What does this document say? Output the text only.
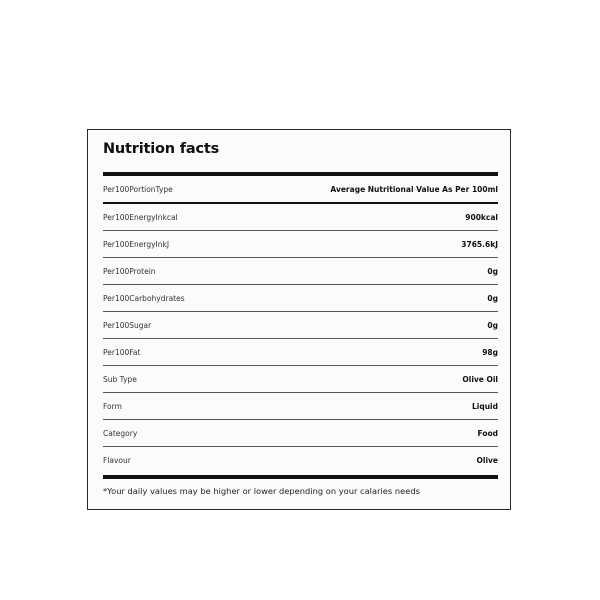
Nutrition facts
Per100PortionType	Average Nutritional Value As Per 100ml
Per100EnergyInkcal	900kcal
Per100EnergyInkJ	3765.6kJ
Per100Protein	0g
Per100Carbohydrates	0g
Per100Sugar	0g
Per100Fat	98g
Sub Type	Olive Oil
Form	Liquid
Category	Food
Flavour	Olive
*Your daily values may be higher or lower depending on your calaries needs
